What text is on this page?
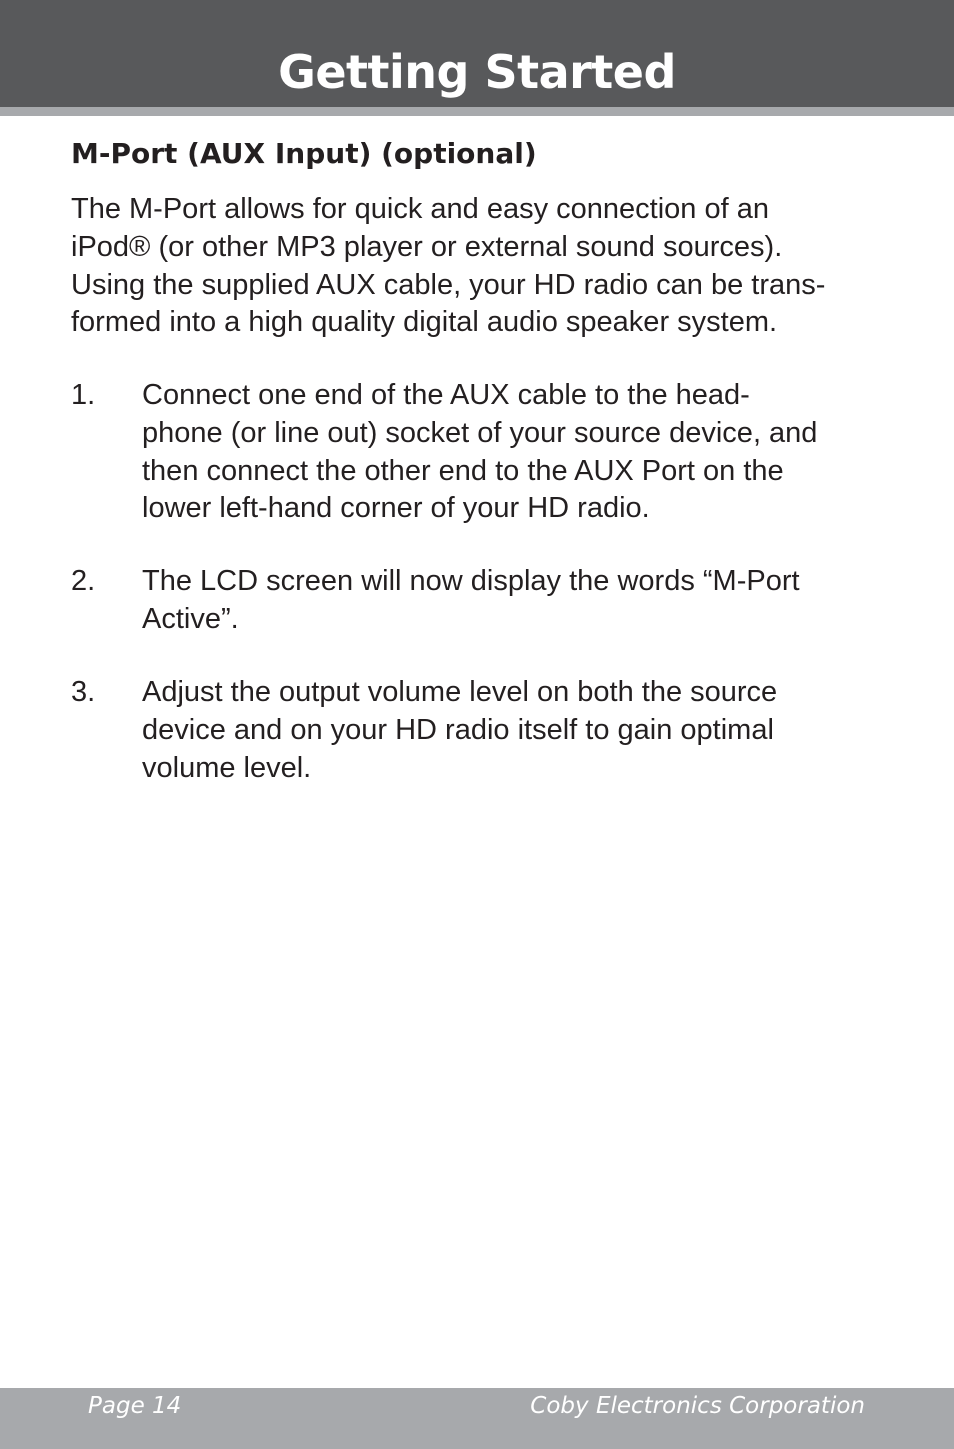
Getting Started
M-Port (AUX Input) (optional)

The M-Port allows for quick and easy connection of an
iPod® (or other MP3 player or external sound sources).
Using the supplied AUX cable, your HD radio can be trans-
formed into a high quality digital audio speaker system.

1. Connect one end of the AUX cable to the head-
phone (or line out) socket of your source device, and
then connect the other end to the AUX Port on the
lower left-hand corner of your HD radio.
2. The LCD screen will now display the words “M-Port
Active”.
3. Adjust the output volume level on both the source
device and on your HD radio itself to gain optimal
volume level.
Page 14	Coby Electronics Corporation
